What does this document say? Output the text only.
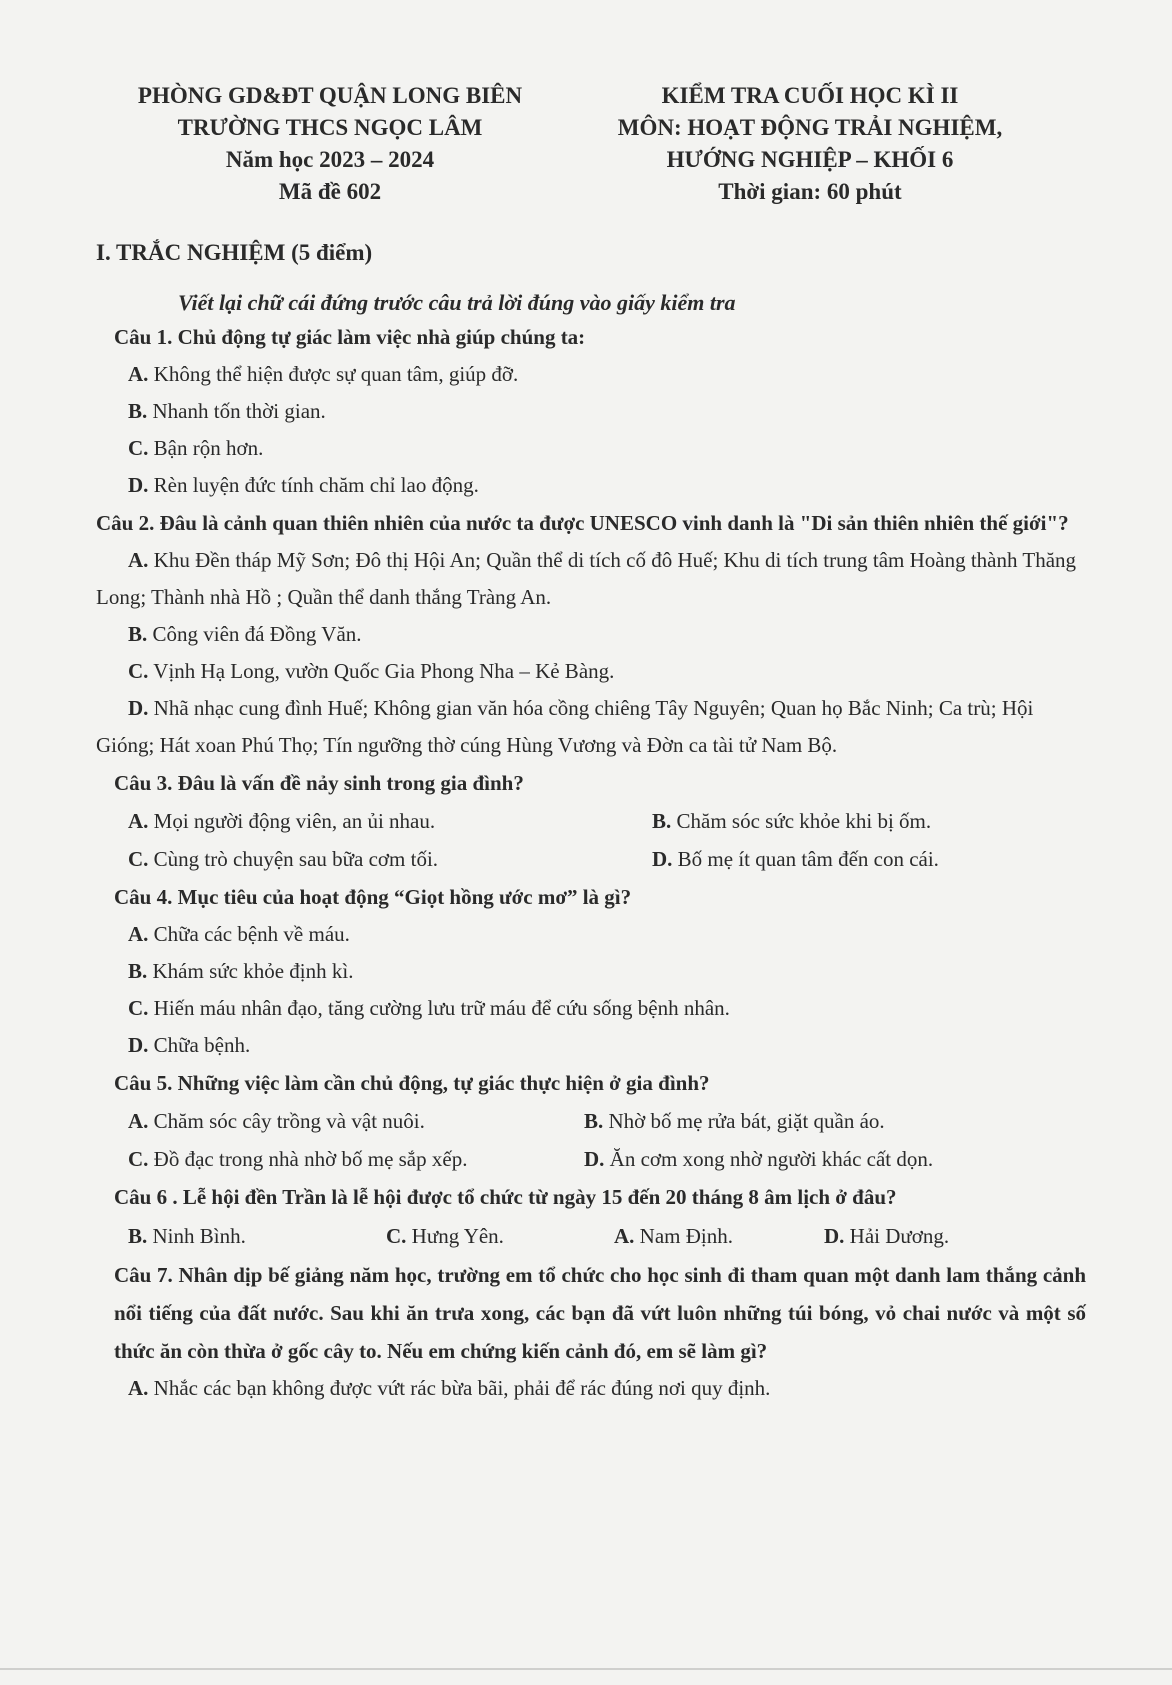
PHÒNG GD&ĐT QUẬN LONG BIÊN
TRƯỜNG THCS NGỌC LÂM
Năm học 2023 – 2024
Mã đề 602
KIỂM TRA CUỐI HỌC KÌ II
MÔN: HOẠT ĐỘNG TRẢI NGHIỆM,
HƯỚNG NGHIỆP – KHỐI 6
Thời gian: 60 phút
I. TRẮC NGHIỆM (5 điểm)
Viết lại chữ cái đứng trước câu trả lời đúng vào giấy kiểm tra
Câu 1. Chủ động tự giác làm việc nhà giúp chúng ta:
A. Không thể hiện được sự quan tâm, giúp đỡ.
B. Nhanh tốn thời gian.
C. Bận rộn hơn.
D. Rèn luyện đức tính chăm chỉ lao động.
Câu 2. Đâu là cảnh quan thiên nhiên của nước ta được UNESCO vinh danh là "Di sản thiên nhiên thế giới"?
A. Khu Đền tháp Mỹ Sơn; Đô thị Hội An; Quần thể di tích cố đô Huế; Khu di tích trung tâm Hoàng thành Thăng Long; Thành nhà Hồ ; Quần thể danh thắng Tràng An.
B. Công viên đá Đồng Văn.
C. Vịnh Hạ Long, vườn Quốc Gia Phong Nha – Kẻ Bàng.
D. Nhã nhạc cung đình Huế; Không gian văn hóa cồng chiêng Tây Nguyên; Quan họ Bắc Ninh; Ca trù; Hội Gióng; Hát xoan Phú Thọ; Tín ngưỡng thờ cúng Hùng Vương và Đờn ca tài tử Nam Bộ.
Câu 3. Đâu là vấn đề nảy sinh trong gia đình?
A. Mọi người động viên, an ủi nhau.	B. Chăm sóc sức khỏe khi bị ốm.
C. Cùng trò chuyện sau bữa cơm tối.	D. Bố mẹ ít quan tâm đến con cái.
Câu 4. Mục tiêu của hoạt động “Giọt hồng ước mơ” là gì?
A. Chữa các bệnh về máu.
B. Khám sức khỏe định kì.
C. Hiến máu nhân đạo, tăng cường lưu trữ máu để cứu sống bệnh nhân.
D. Chữa bệnh.
Câu 5. Những việc làm cần chủ động, tự giác thực hiện ở gia đình?
A. Chăm sóc cây trồng và vật nuôi.	B. Nhờ bố mẹ rửa bát, giặt quần áo.
C. Đồ đạc trong nhà nhờ bố mẹ sắp xếp.	D. Ăn cơm xong nhờ người khác cất dọn.
Câu 6 . Lễ hội đền Trần là lễ hội được tổ chức từ ngày 15 đến 20 tháng 8 âm lịch ở đâu?
B. Ninh Bình.	C. Hưng Yên.	A. Nam Định.	D. Hải Dương.
Câu 7. Nhân dịp bế giảng năm học, trường em tổ chức cho học sinh đi tham quan một danh lam thắng cảnh nổi tiếng của đất nước. Sau khi ăn trưa xong, các bạn đã vứt luôn những túi bóng, vỏ chai nước và một số thức ăn còn thừa ở gốc cây to. Nếu em chứng kiến cảnh đó, em sẽ làm gì?
A. Nhắc các bạn không được vứt rác bừa bãi, phải để rác đúng nơi quy định.
